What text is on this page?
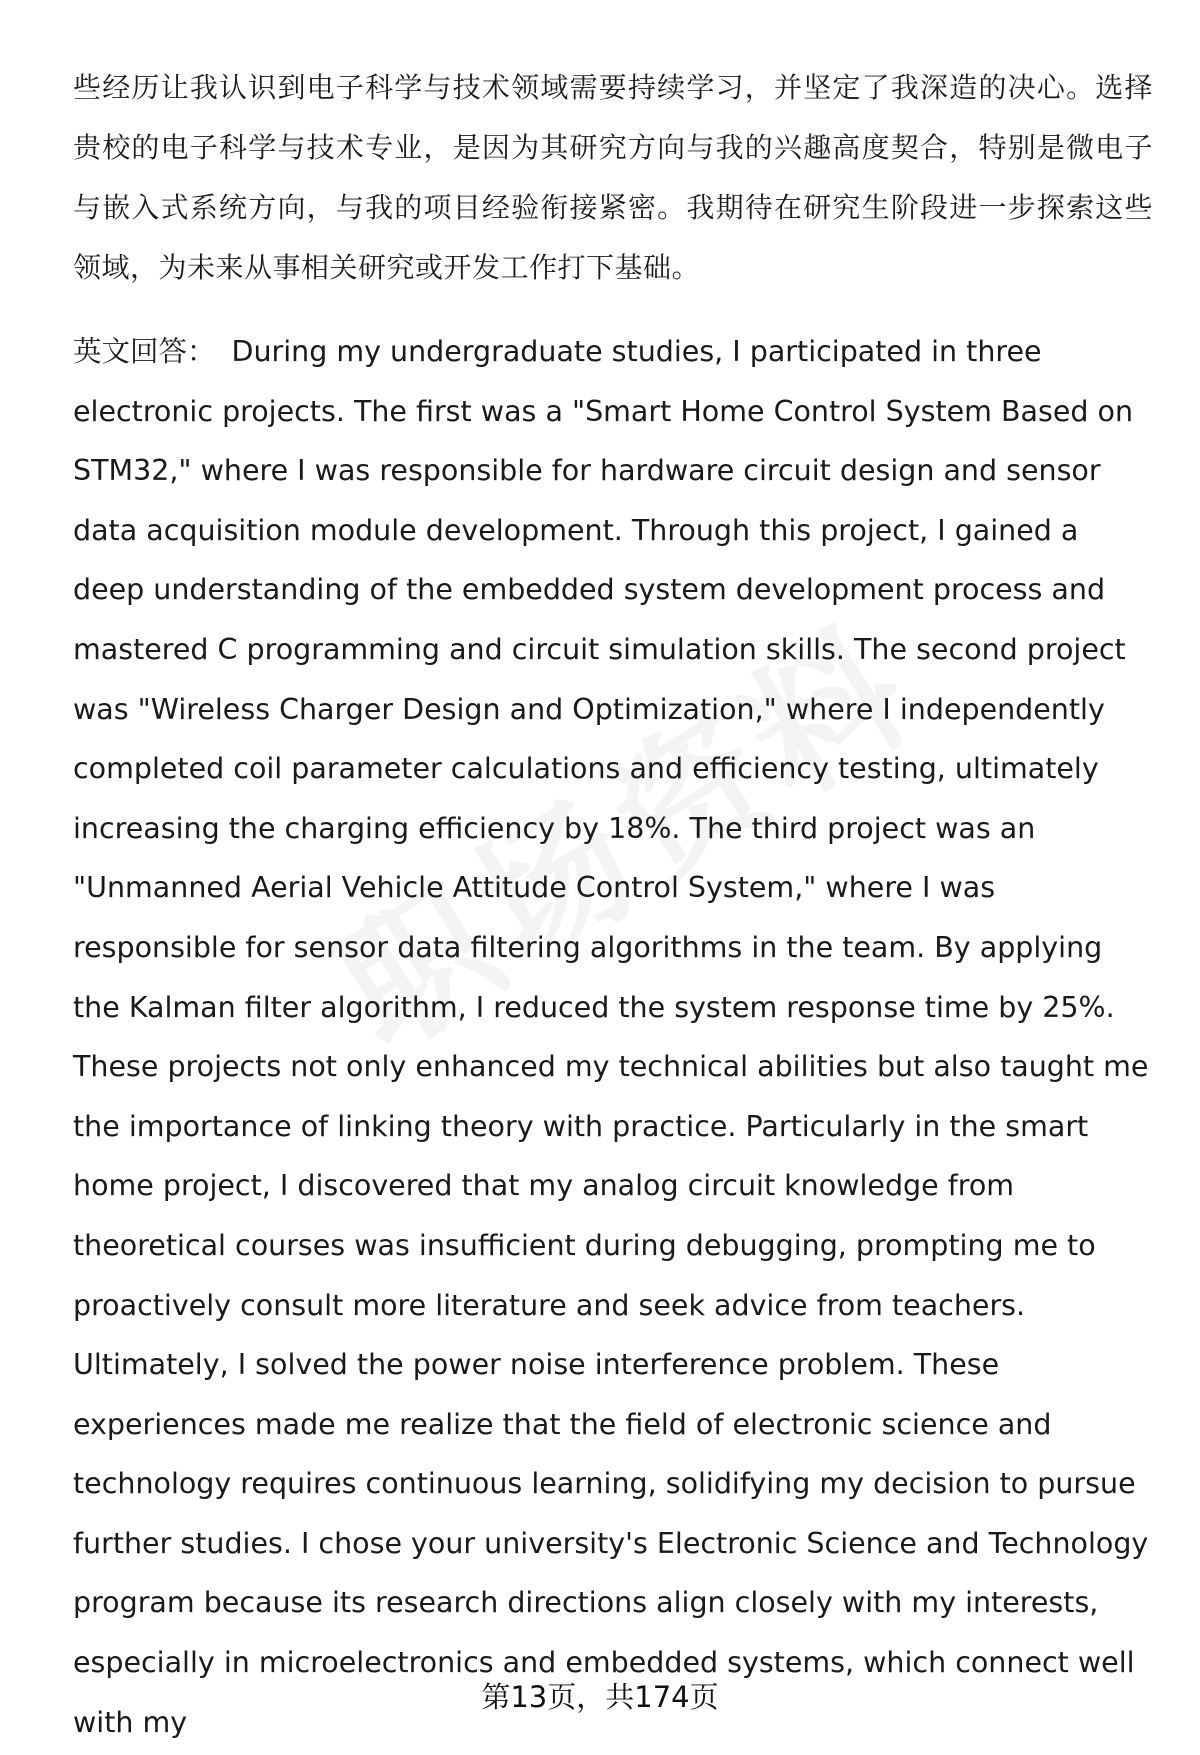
些经历让我认识到电子科学与技术领域需要持续学习，并坚定了我深造的决心。选择贵校的电子科学与技术专业，是因为其研究方向与我的兴趣高度契合，特别是微电子与嵌入式系统方向，与我的项目经验衔接紧密。我期待在研究生阶段进一步探索这些领域，为未来从事相关研究或开发工作打下基础。

英文回答： During my undergraduate studies, I participated in three electronic projects. The first was a "Smart Home Control System Based on STM32," where I was responsible for hardware circuit design and sensor data acquisition module development. Through this project, I gained a deep understanding of the embedded system development process and mastered C programming and circuit simulation skills. The second project was "Wireless Charger Design and Optimization," where I independently completed coil parameter calculations and efficiency testing, ultimately increasing the charging efficiency by 18%. The third project was an "Unmanned Aerial Vehicle Attitude Control System," where I was responsible for sensor data filtering algorithms in the team. By applying the Kalman filter algorithm, I reduced the system response time by 25%. These projects not only enhanced my technical abilities but also taught me the importance of linking theory with practice. Particularly in the smart home project, I discovered that my analog circuit knowledge from theoretical courses was insufficient during debugging, prompting me to proactively consult more literature and seek advice from teachers. Ultimately, I solved the power noise interference problem. These experiences made me realize that the field of electronic science and technology requires continuous learning, solidifying my decision to pursue further studies. I chose your university's Electronic Science and Technology program because its research directions align closely with my interests, especially in microelectronics and embedded systems, which connect well with my

第13页，共174页
